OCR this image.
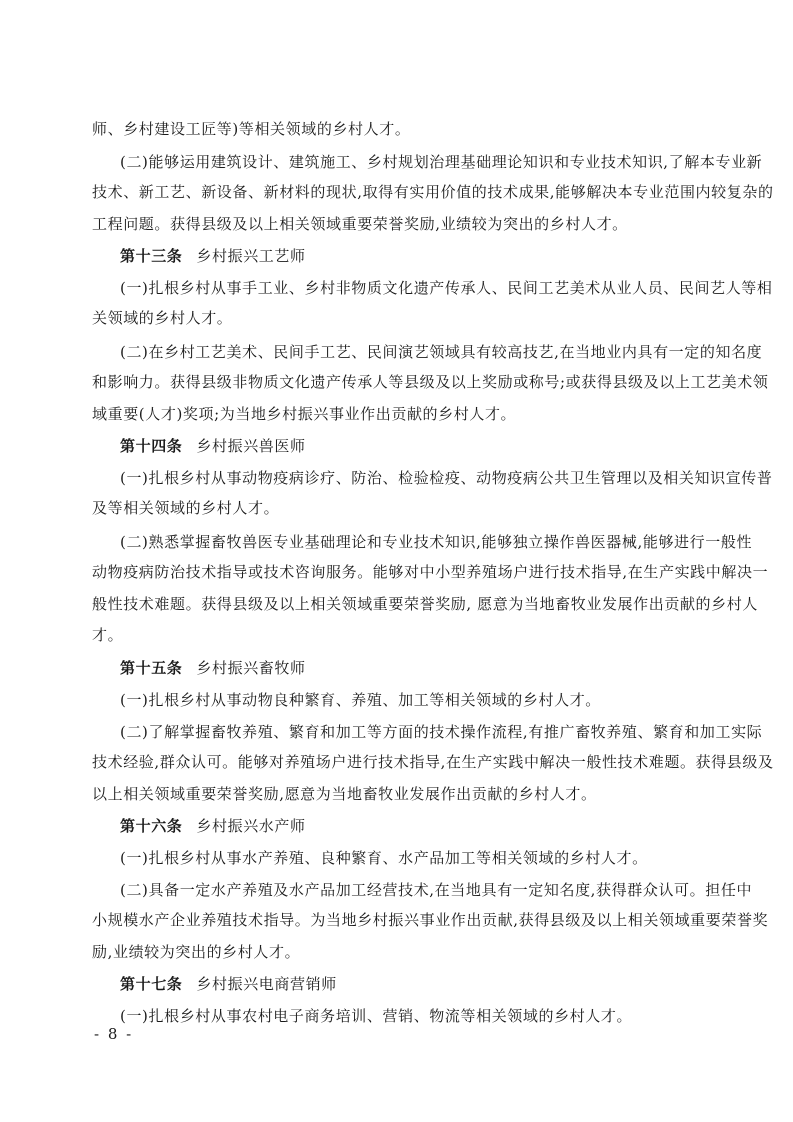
师、乡村建设工匠等)等相关领域的乡村人才。
(二)能够运用建筑设计、建筑施工、乡村规划治理基础理论知识和专业技术知识,了解本专业新
技术、新工艺、新设备、新材料的现状,取得有实用价值的技术成果,能够解决本专业范围内较复杂的
工程问题。获得县级及以上相关领域重要荣誉奖励,业绩较为突出的乡村人才。
第十三条 乡村振兴工艺师
(一)扎根乡村从事手工业、乡村非物质文化遗产传承人、民间工艺美术从业人员、民间艺人等相
关领域的乡村人才。
(二)在乡村工艺美术、民间手工艺、民间演艺领域具有较高技艺,在当地业内具有一定的知名度
和影响力。获得县级非物质文化遗产传承人等县级及以上奖励或称号;或获得县级及以上工艺美术领
域重要(人才)奖项;为当地乡村振兴事业作出贡献的乡村人才。
第十四条 乡村振兴兽医师
(一)扎根乡村从事动物疫病诊疗、防治、检验检疫、动物疫病公共卫生管理以及相关知识宣传普
及等相关领域的乡村人才。
(二)熟悉掌握畜牧兽医专业基础理论和专业技术知识,能够独立操作兽医器械,能够进行一般性
动物疫病防治技术指导或技术咨询服务。能够对中小型养殖场户进行技术指导,在生产实践中解决一
般性技术难题。获得县级及以上相关领域重要荣誉奖励, 愿意为当地畜牧业发展作出贡献的乡村人
才。
第十五条 乡村振兴畜牧师
(一)扎根乡村从事动物良种繁育、养殖、加工等相关领域的乡村人才。
(二)了解掌握畜牧养殖、繁育和加工等方面的技术操作流程,有推广畜牧养殖、繁育和加工实际
技术经验,群众认可。能够对养殖场户进行技术指导,在生产实践中解决一般性技术难题。获得县级及
以上相关领域重要荣誉奖励,愿意为当地畜牧业发展作出贡献的乡村人才。
第十六条 乡村振兴水产师
(一)扎根乡村从事水产养殖、良种繁育、水产品加工等相关领域的乡村人才。
(二)具备一定水产养殖及水产品加工经营技术,在当地具有一定知名度,获得群众认可。担任中
小规模水产企业养殖技术指导。为当地乡村振兴事业作出贡献,获得县级及以上相关领域重要荣誉奖
励,业绩较为突出的乡村人才。
第十七条 乡村振兴电商营销师
(一)扎根乡村从事农村电子商务培训、营销、物流等相关领域的乡村人才。
- 8 -
